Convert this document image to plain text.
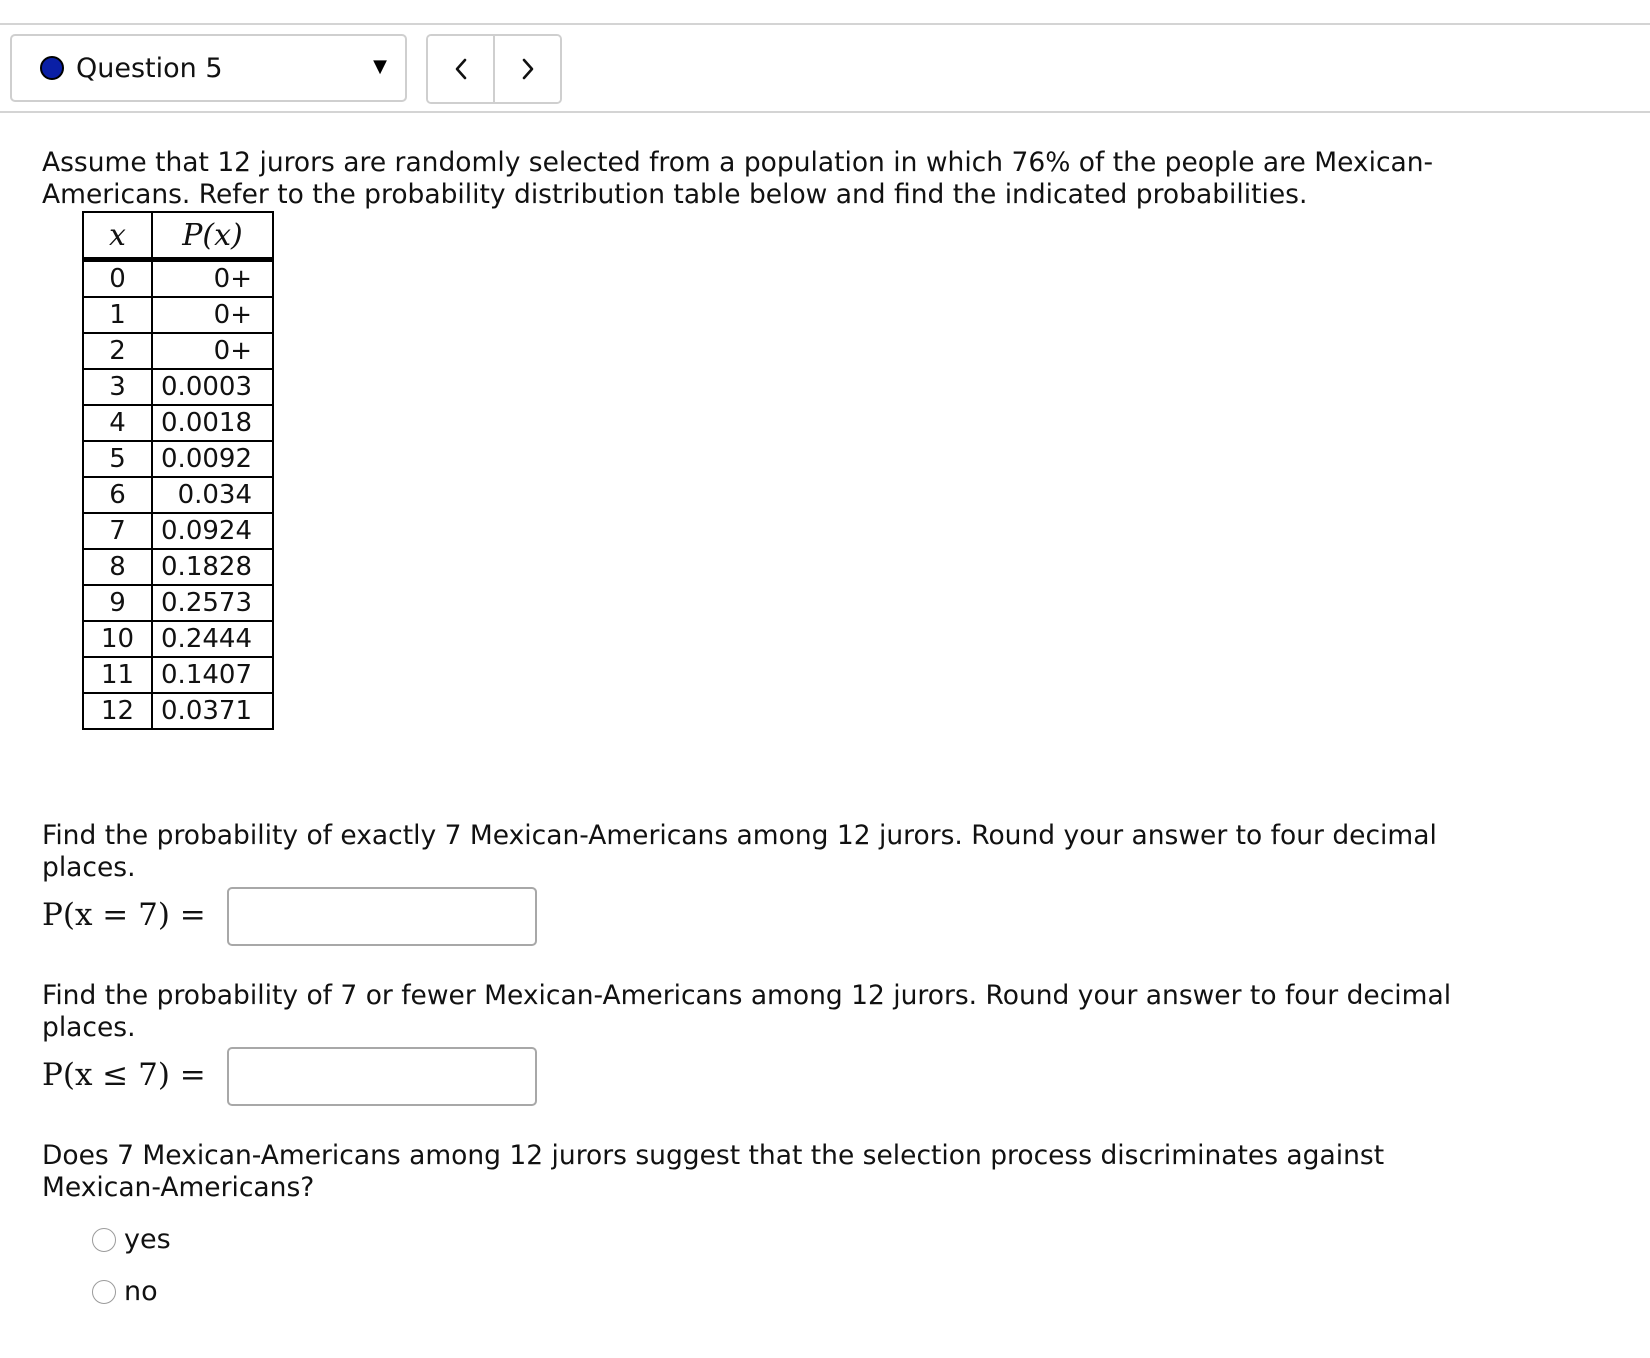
Question 5	▼

Assume that 12 jurors are randomly selected from a population in which 76% of the people are Mexican-Americans. Refer to the probability distribution table below and find the indicated probabilities.

x	P(x)
0	0+
1	0+
2	0+
3	0.0003
4	0.0018
5	0.0092
6	0.034
7	0.0924
8	0.1828
9	0.2573
10	0.2444
11	0.1407
12	0.0371

Find the probability of exactly 7 Mexican-Americans among 12 jurors. Round your answer to four decimal places.

P(x = 7) =

Find the probability of 7 or fewer Mexican-Americans among 12 jurors. Round your answer to four decimal places.

P(x ≤ 7) =

Does 7 Mexican-Americans among 12 jurors suggest that the selection process discriminates against Mexican-Americans?

yes
no
